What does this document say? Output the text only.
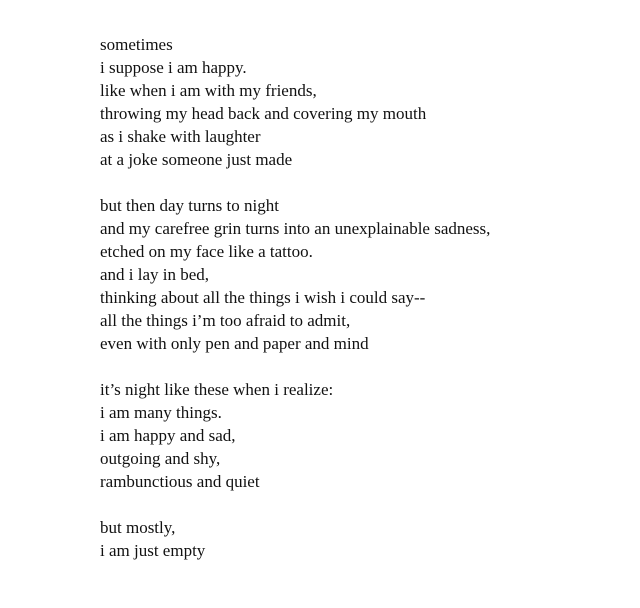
sometimes
i suppose i am happy.
like when i am with my friends,
throwing my head back and covering my mouth
as i shake with laughter
at a joke someone just made
but then day turns to night
and my carefree grin turns into an unexplainable sadness,
etched on my face like a tattoo.
and i lay in bed,
thinking about all the things i wish i could say--
all the things i’m too afraid to admit,
even with only pen and paper and mind
it’s night like these when i realize:
i am many things.
i am happy and sad,
outgoing and shy,
rambunctious and quiet
but mostly,
i am just empty
